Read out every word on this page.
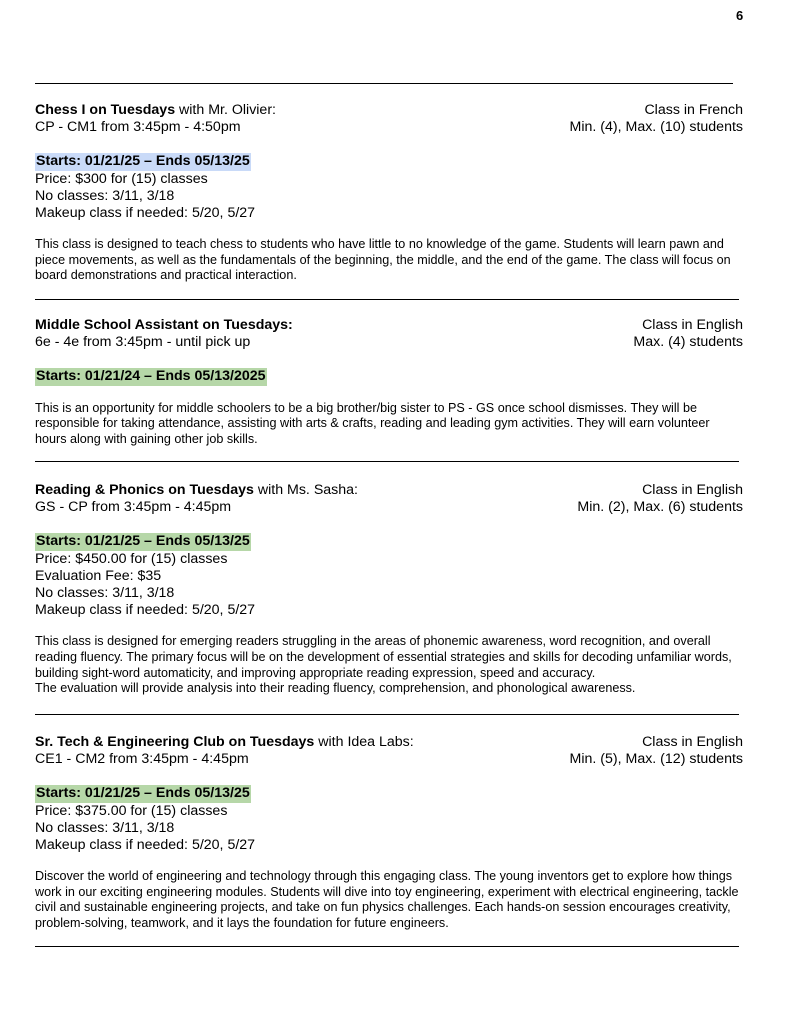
6
Chess I on Tuesdays with Mr. Olivier:	Class in French
CP - CM1 from 3:45pm - 4:50pm	Min. (4), Max. (10) students
Starts: 01/21/25 – Ends 05/13/25
Price: $300 for (15) classes
No classes: 3/11, 3/18
Makeup class if needed: 5/20, 5/27

This class is designed to teach chess to students who have little to no knowledge of the game. Students will learn pawn and piece movements, as well as the fundamentals of the beginning, the middle, and the end of the game. The class will focus on board demonstrations and practical interaction.

Middle School Assistant on Tuesdays:	Class in English
6e - 4e from 3:45pm - until pick up	Max. (4) students
Starts: 01/21/24 – Ends 05/13/2025

This is an opportunity for middle schoolers to be a big brother/big sister to PS - GS once school dismisses. They will be responsible for taking attendance, assisting with arts & crafts, reading and leading gym activities. They will earn volunteer hours along with gaining other job skills.

Reading & Phonics on Tuesdays with Ms. Sasha:	Class in English
GS - CP from 3:45pm - 4:45pm	Min. (2), Max. (6) students
Starts: 01/21/25 – Ends 05/13/25
Price: $450.00 for (15) classes
Evaluation Fee: $35
No classes: 3/11, 3/18
Makeup class if needed: 5/20, 5/27

This class is designed for emerging readers struggling in the areas of phonemic awareness, word recognition, and overall reading fluency. The primary focus will be on the development of essential strategies and skills for decoding unfamiliar words, building sight-word automaticity, and improving appropriate reading expression, speed and accuracy.

The evaluation will provide analysis into their reading fluency, comprehension, and phonological awareness.

Sr. Tech & Engineering Club on Tuesdays with Idea Labs:	Class in English
CE1 - CM2 from 3:45pm - 4:45pm	Min. (5), Max. (12) students
Starts: 01/21/25 – Ends 05/13/25
Price: $375.00 for (15) classes
No classes: 3/11, 3/18
Makeup class if needed: 5/20, 5/27

Discover the world of engineering and technology through this engaging class. The young inventors get to explore how things work in our exciting engineering modules. Students will dive into toy engineering, experiment with electrical engineering, tackle civil and sustainable engineering projects, and take on fun physics challenges. Each hands-on session encourages creativity, problem-solving, teamwork, and it lays the foundation for future engineers.
